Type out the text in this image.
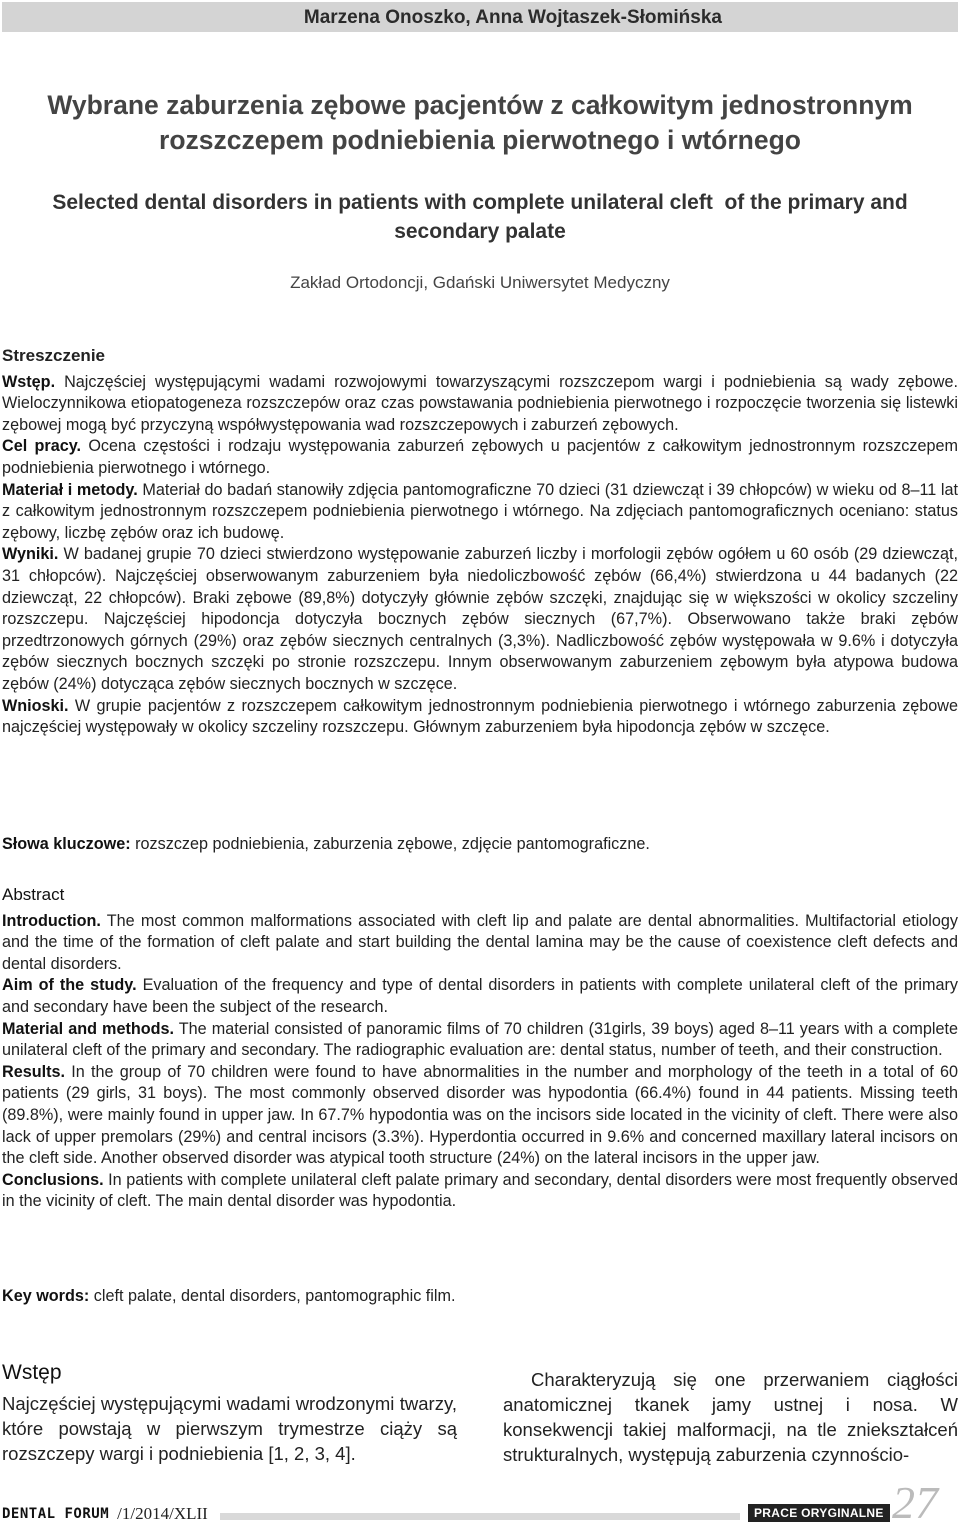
Marzena Onoszko, Anna Wojtaszek-Słomińska
Wybrane zaburzenia zębowe pacjentów z całkowitym jednostronnym
rozszczepem podniebienia pierwotnego i wtórnego
Selected dental disorders in patients with complete unilateral cleft  of the primary and
secondary palate
Zakład Ortodoncji, Gdański Uniwersytet Medyczny
Streszczenie

Wstęp. Najczęściej występującymi wadami rozwojowymi towarzyszącymi rozszczepom wargi i podniebienia są wady zębowe. Wieloczynnikowa etiopatogeneza rozszczepów oraz czas powstawania podniebienia pierwotnego i rozpoczęcie tworzenia się listewki zębowej mogą być przyczyną współwystępowania wad rozszczepowych i zaburzeń zębowych.

Cel pracy. Ocena częstości i rodzaju występowania zaburzeń zębowych u pacjentów z całkowitym jednostronnym rozszczepem podniebienia pierwotnego i wtórnego.

Materiał i metody. Materiał do badań stanowiły zdjęcia pantomograficzne 70 dzieci (31 dziewcząt i 39 chłopców) w wieku od 8–11 lat z całkowitym jednostronnym rozszczepem podniebienia pierwotnego i wtórnego. Na zdjęciach pantomograficznych oceniano: status zębowy, liczbę zębów oraz ich budowę.

Wyniki. W badanej grupie 70 dzieci stwierdzono występowanie zaburzeń liczby i morfologii zębów ogółem u 60 osób (29 dziewcząt, 31 chłopców). Najczęściej obserwowanym zaburzeniem była niedoliczbowość zębów (66,4%) stwierdzona u 44 badanych (22 dziewcząt, 22 chłopców). Braki zębowe (89,8%) dotyczyły głównie zębów szczęki, znajdując się w większości w okolicy szczeliny rozszczepu. Najczęściej hipodoncja dotyczyła bocznych zębów siecznych (67,7%). Obserwowano także braki zębów przedtrzonowych górnych (29%) oraz zębów siecznych centralnych (3,3%). Nadliczbowość zębów występowała w 9.6% i dotyczyła zębów siecznych bocznych szczęki po stronie rozszczepu. Innym obserwowanym zaburzeniem zębowym była atypowa budowa zębów (24%) dotycząca zębów siecznych bocznych w szczęce.

Wnioski. W grupie pacjentów z rozszczepem całkowitym jednostronnym podniebienia pierwotnego i wtórnego zaburzenia zębowe najczęściej występowały w okolicy szczeliny rozszczepu. Głównym zaburzeniem była hipodoncja zębów w szczęce.

Słowa kluczowe: rozszczep podniebienia, zaburzenia zębowe, zdjęcie pantomograficzne.

Abstract

Introduction. The most common malformations associated with cleft lip and palate are dental abnormalities. Multifactorial etiology and the time of the formation of cleft palate and start building the dental lamina may be the cause of coexistence cleft defects and dental disorders.

Aim of the study. Evaluation of the frequency and type of dental disorders in patients with complete unilateral cleft of the primary and secondary have been the subject of the research.

Material and methods. The material consisted of panoramic films of 70 children (31girls, 39 boys) aged 8–11 years with a complete unilateral cleft of the primary and secondary. The radiographic evaluation are: dental status, number of teeth, and their construction.

Results. In the group of 70 children were found to have abnormalities in the number and morphology of the teeth in a total of 60 patients (29 girls, 31 boys). The most commonly observed disorder was hypodontia (66.4%) found in 44 patients. Missing teeth (89.8%), were mainly found in upper jaw. In 67.7% hypodontia was on the incisors side located in the vicinity of cleft. There were also lack of upper premolars (29%) and central incisors (3.3%). Hyperdontia occurred in 9.6% and concerned maxillary lateral incisors on the cleft side. Another observed disorder was atypical tooth structure (24%) on the lateral incisors in the upper jaw.

Conclusions. In patients with complete unilateral cleft palate primary and secondary, dental disorders were most frequently observed in the vicinity of cleft. The main dental disorder was hypodontia.

Key words: cleft palate, dental disorders, pantomographic film.

Wstęp

Najczęściej występującymi wadami wrodzonymi twarzy, które powstają w pierwszym trymestrze ciąży są rozszczepy wargi i podniebienia [1, 2, 3, 4].

Charakteryzują się one przerwaniem ciągłości anatomicznej tkanek jamy ustnej i nosa. W konsekwencji takiej malformacji, na tle zniekształceń strukturalnych, występują zaburzenia czynnościo-

DENTAL FORUM /1/2014/XLII	PRACE ORYGINALNE 27
